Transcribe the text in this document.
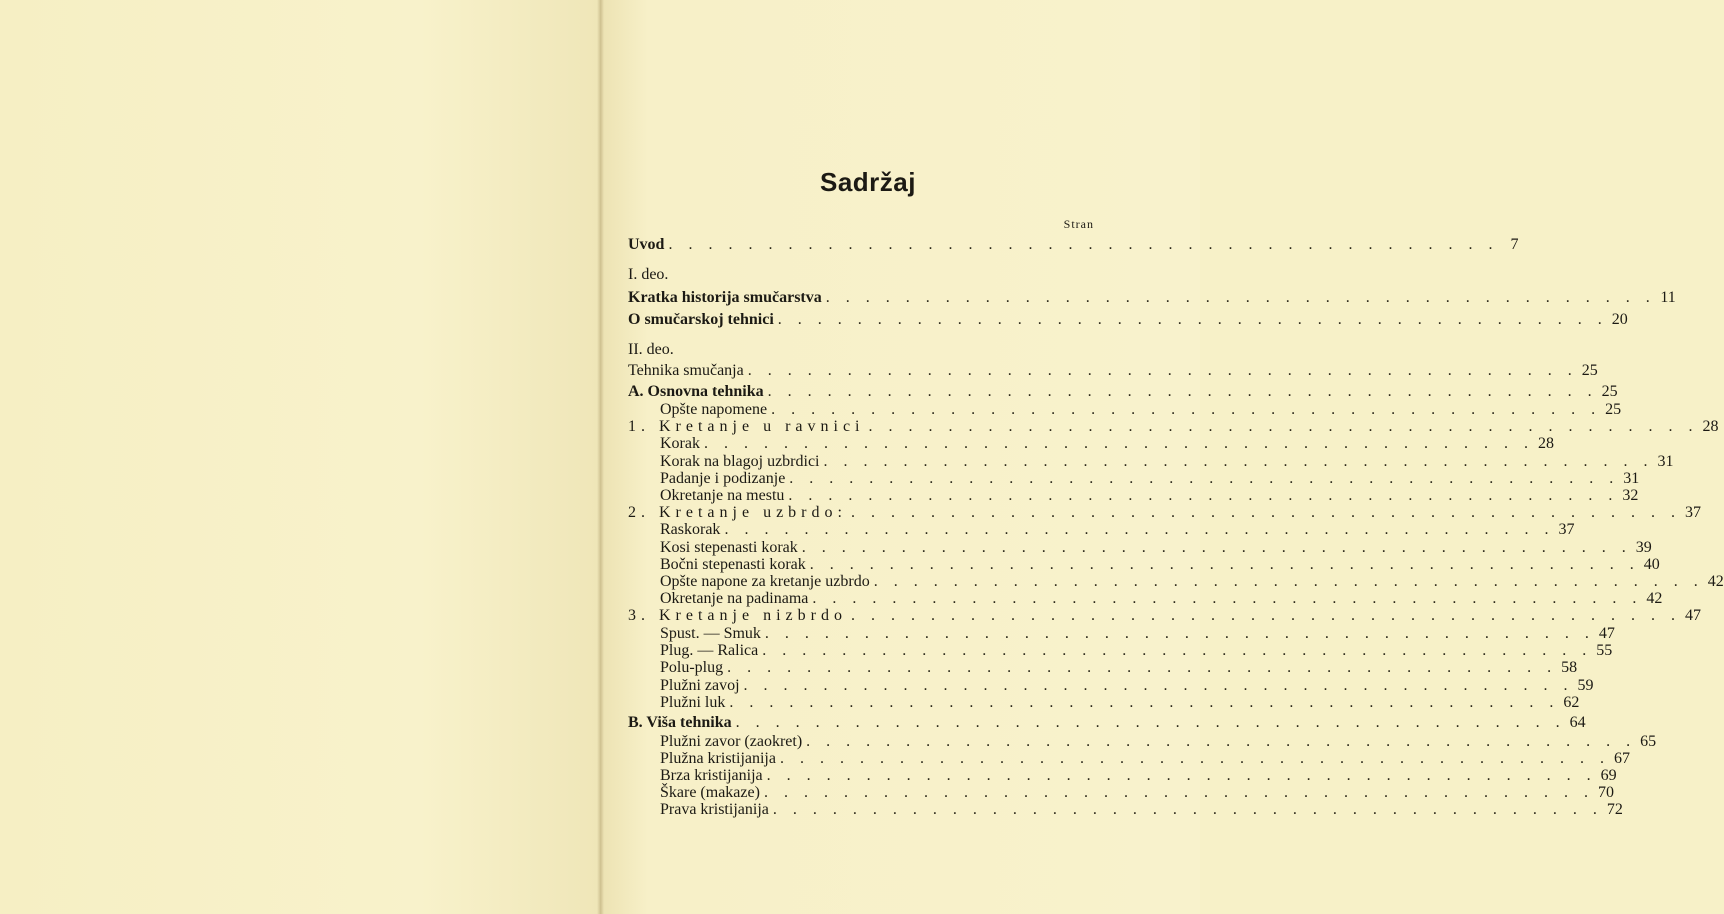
Sadržaj
Stran
Uvod . . . . . . . . . . . . . . . . . . . . . . . . . . . . . . . . . . . . . . . . . . 7
I. deo.
Kratka historija smučarstva . . . . . . . . . . . . . . . . . . . . . . . . . . . . . . . . . . . . . . . . . . 11
O smučarskoj tehnici . . . . . . . . . . . . . . . . . . . . . . . . . . . . . . . . . . . . . . . . . . 20
II. deo.
Tehnika smučanja . . . . . . . . . . . . . . . . . . . . . . . . . . . . . . . . . . . . . . . . . . 25
A. Osnovna tehnika . . . . . . . . . . . . . . . . . . . . . . . . . . . . . . . . . . . . . . . . . . 25
Opšte napomene . . . . . . . . . . . . . . . . . . . . . . . . . . . . . . . . . . . . . . . . . . 25
1. Kretanje u ravnici . . . . . . . . . . . . . . . . . . . . . . . . . . . . . . . . . . . . . . . . . . 28
Korak . . . . . . . . . . . . . . . . . . . . . . . . . . . . . . . . . . . . . . . . . . 28
Korak na blagoj uzbrdici . . . . . . . . . . . . . . . . . . . . . . . . . . . . . . . . . . . . . . . . . . 31
Padanje i podizanje . . . . . . . . . . . . . . . . . . . . . . . . . . . . . . . . . . . . . . . . . . 31
Okretanje na mestu . . . . . . . . . . . . . . . . . . . . . . . . . . . . . . . . . . . . . . . . . . 32
2. Kretanje uzbrdo: . . . . . . . . . . . . . . . . . . . . . . . . . . . . . . . . . . . . . . . . . . 37
Raskorak . . . . . . . . . . . . . . . . . . . . . . . . . . . . . . . . . . . . . . . . . . 37
Kosi stepenasti korak . . . . . . . . . . . . . . . . . . . . . . . . . . . . . . . . . . . . . . . . . . 39
Bočni stepenasti korak . . . . . . . . . . . . . . . . . . . . . . . . . . . . . . . . . . . . . . . . . . 40
Opšte napone za kretanje uzbrdo . . . . . . . . . . . . . . . . . . . . . . . . . . . . . . . . . . . . . . . . . . 42
Okretanje na padinama . . . . . . . . . . . . . . . . . . . . . . . . . . . . . . . . . . . . . . . . . . 42
3. Kretanje nizbrdo . . . . . . . . . . . . . . . . . . . . . . . . . . . . . . . . . . . . . . . . . . 47
Spust. — Smuk . . . . . . . . . . . . . . . . . . . . . . . . . . . . . . . . . . . . . . . . . . 47
Plug. — Ralica . . . . . . . . . . . . . . . . . . . . . . . . . . . . . . . . . . . . . . . . . . 55
Polu-plug . . . . . . . . . . . . . . . . . . . . . . . . . . . . . . . . . . . . . . . . . . 58
Plužni zavoj . . . . . . . . . . . . . . . . . . . . . . . . . . . . . . . . . . . . . . . . . . 59
Plužni luk . . . . . . . . . . . . . . . . . . . . . . . . . . . . . . . . . . . . . . . . . . 62
B. Viša tehnika . . . . . . . . . . . . . . . . . . . . . . . . . . . . . . . . . . . . . . . . . . 64
Plužni zavor (zaokret) . . . . . . . . . . . . . . . . . . . . . . . . . . . . . . . . . . . . . . . . . . 65
Plužna kristijanija . . . . . . . . . . . . . . . . . . . . . . . . . . . . . . . . . . . . . . . . . . 67
Brza kristijanija . . . . . . . . . . . . . . . . . . . . . . . . . . . . . . . . . . . . . . . . . . 69
Škare (makaze) . . . . . . . . . . . . . . . . . . . . . . . . . . . . . . . . . . . . . . . . . . 70
Prava kristijanija . . . . . . . . . . . . . . . . . . . . . . . . . . . . . . . . . . . . . . . . . . 72
